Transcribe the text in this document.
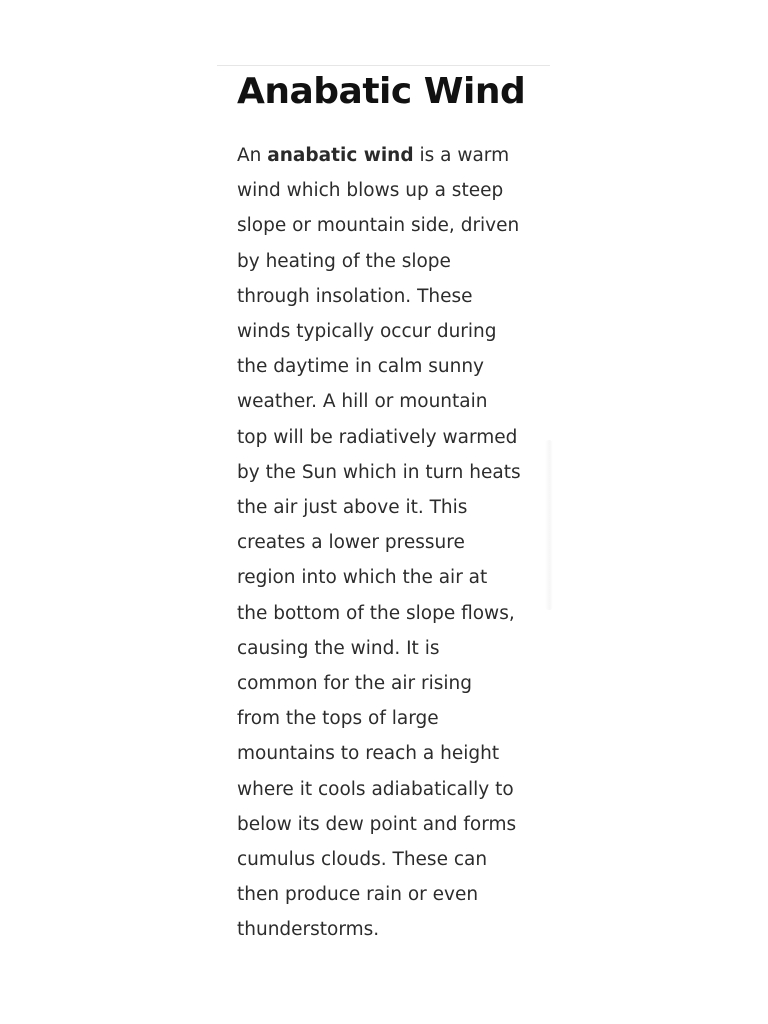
Anabatic Wind

An anabatic wind is a warm
wind which blows up a steep
slope or mountain side, driven
by heating of the slope
through insolation. These
winds typically occur during
the daytime in calm sunny
weather. A hill or mountain
top will be radiatively warmed
by the Sun which in turn heats
the air just above it. This
creates a lower pressure
region into which the air at
the bottom of the slope flows,
causing the wind. It is
common for the air rising
from the tops of large
mountains to reach a height
where it cools adiabatically to
below its dew point and forms
cumulus clouds. These can
then produce rain or even
thunderstorms.
